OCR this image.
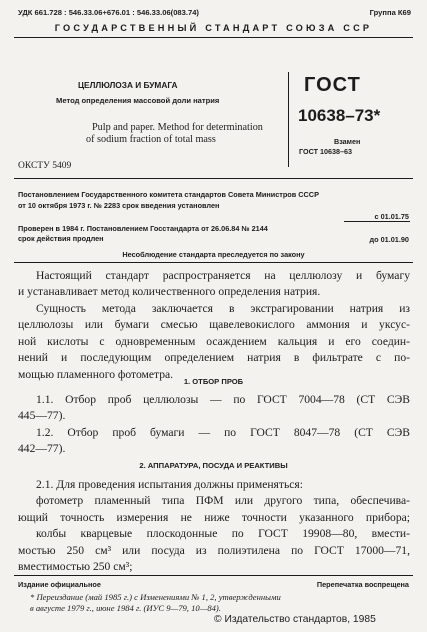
УДК 661.728 : 546.33.06+676.01 : 546.33.06(083.74)	Группа К69
ГОСУДАРСТВЕННЫЙ СТАНДАРТ СОЮЗА ССР
ЦЕЛЛЮЛОЗА И БУМАГА
Метод определения массовой доли натрия
ГОСТ
10638–73*
Pulp and paper. Method for determination
of sodium fraction of total mass	Взамен
ГОСТ 10638–63
ОКСТУ 5409
Постановлением Государственного комитета стандартов Совета Министров СССР
от 10 октября 1973 г. № 2283 срок введения установлен
с 01.01.75
Проверен в 1984 г. Постановлением Госстандарта от 26.06.84 № 2144
срок действия продлен	до 01.01.90
Несоблюдение стандарта преследуется по закону
Настоящий стандарт распространяется на целлюлозу и бумагу
и устанавливает метод количественного определения натрия.
Сущность метода заключается в экстрагировании натрия из
целлюлозы или бумаги смесью щавелевокислого аммония и уксус-
ной кислоты с одновременным осаждением кальция и его соедин-
нений и последующим определением натрия в фильтрате с по-
мощью пламенного фотометра.
1. ОТБОР ПРОБ
1.1. Отбор проб целлюлозы — по ГОСТ 7004—78 (СТ СЭВ
445—77).
1.2. Отбор проб бумаги — по ГОСТ 8047—78 (СТ СЭВ
442—77).
2. АППАРАТУРА, ПОСУДА И РЕАКТИВЫ
2.1. Для проведения испытания должны применяться:
фотометр пламенный типа ПФМ или другого типа, обеспечива-
ющий точность измерения не ниже точности указанного прибора;
колбы кварцевые плоскодонные по ГОСТ 19908—80, вмести-
мостью 250 см³ или посуда из полиэтилена по ГОСТ 17000—71,
вместимостью 250 см³;
Издание официальное	Перепечатка воспрещена
* Переиздание (май 1985 г.) с Изменениями № 1, 2, утвержденными
в августе 1979 г., июне 1984 г. (ИУС 9—79, 10—84).
© Издательство стандартов, 1985
